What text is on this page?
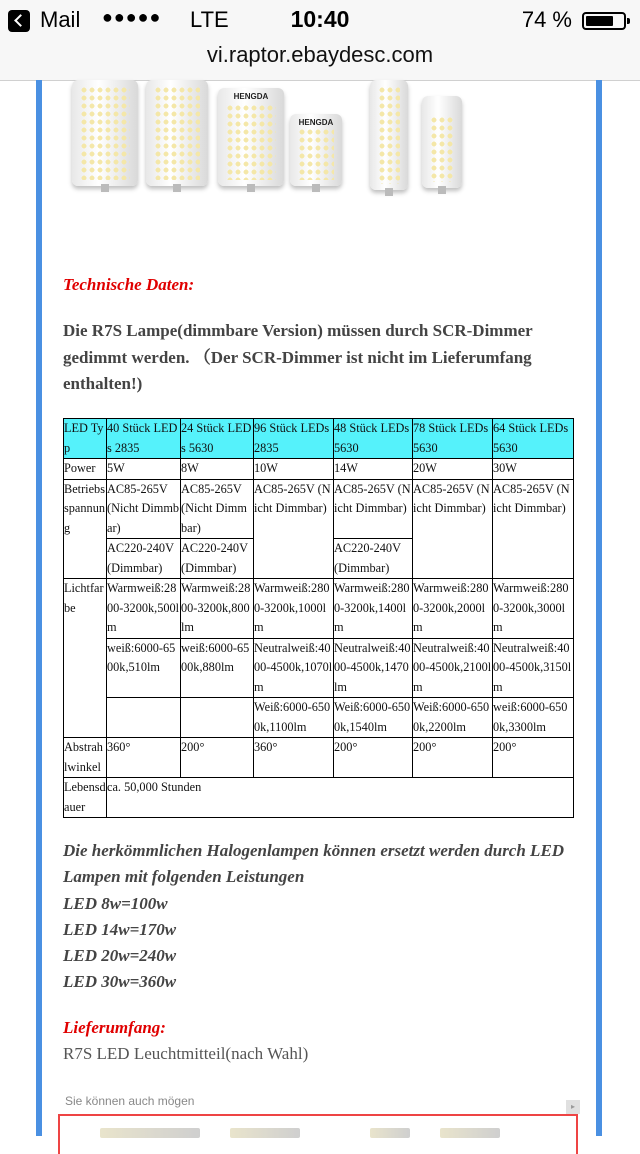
Mail ●●●●● LTE	10:40	74 %
vi.raptor.ebaydesc.com
HENGDA
HENGDA
Technische Daten:
Die R7S Lampe(dimmbare Version) müssen durch SCR-Dimmer gedimmt werden. （Der SCR-Dimmer ist nicht im Lieferumfang enthalten!)
LED Typ	40 Stück LEDs 2835	24 Stück LEDs 5630	96 Stück LEDs 2835	48 Stück LEDs 5630	78 Stück LEDs 5630	64 Stück LEDs 5630
Power	5W	8W	10W	14W	20W	30W
Betriebsspannung	AC85-265V (Nicht Dimmbar)	AC85-265V (Nicht Dimmbar)	AC85-265V (Nicht Dimmbar)	AC85-265V (Nicht Dimmbar)	AC85-265V (Nicht Dimmbar)	AC85-265V (Nicht Dimmbar)
	AC220-240V (Dimmbar)	AC220-240V (Dimmbar)		AC220-240V (Dimmbar)		
Lichtfarbe	Warmweiß:2800-3200k,500lm	Warmweiß:2800-3200k,800lm	Warmweiß:2800-3200k,1000lm	Warmweiß:2800-3200k,1400lm	Warmweiß:2800-3200k,2000lm	Warmweiß:2800-3200k,3000lm
	weiß:6000-6500k,510lm	weiß:6000-6500k,880lm	Neutralweiß:4000-4500k,1070lm	Neutralweiß:4000-4500k,1470lm	Neutralweiß:4000-4500k,2100lm	Neutralweiß:4000-4500k,3150lm
			Weiß:6000-6500k,1100lm	Weiß:6000-6500k,1540lm	Weiß:6000-6500k,2200lm	weiß:6000-6500k,3300lm
Abstrahlwinkel	360°	200°	360°	200°	200°	200°
Lebensdauer	ca. 50,000 Stunden					
Die herkömmlichen Halogenlampen können ersetzt werden durch LED Lampen mit folgenden Leistungen
LED 8w=100w
LED 14w=170w
LED 20w=240w
LED 30w=360w
Lieferumfang:
R7S LED Leuchtmitteil(nach Wahl)
Sie können auch mögen	▸
